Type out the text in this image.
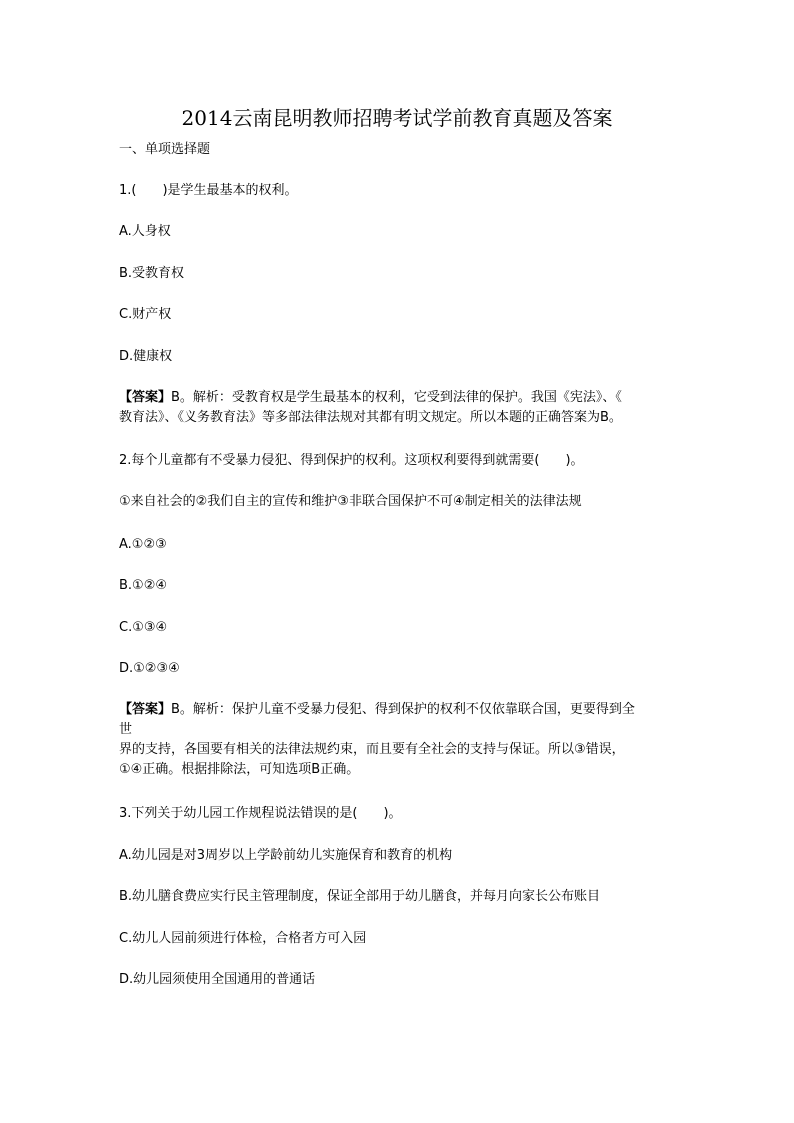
2014云南昆明教师招聘考试学前教育真题及答案
一、单项选择题
1.(　　)是学生最基本的权利。
A.人身权
B.受教育权
C.财产权
D.健康权
【答案】B。解析：受教育权是学生最基本的权利，它受到法律的保护。我国《宪法》、《
教育法》、《义务教育法》等多部法律法规对其都有明文规定。所以本题的正确答案为B。
2.每个儿童都有不受暴力侵犯、得到保护的权利。这项权利要得到就需要(　　)。
①来自社会的②我们自主的宣传和维护③非联合国保护不可④制定相关的法律法规
A.①②③
B.①②④
C.①③④
D.①②③④
【答案】B。解析：保护儿童不受暴力侵犯、得到保护的权利不仅依靠联合国，更要得到全
世
界的支持，各国要有相关的法律法规约束，而且要有全社会的支持与保证。所以③错误，
①④正确。根据排除法，可知选项B正确。
3.下列关于幼儿园工作规程说法错误的是(　　)。
A.幼儿园是对3周岁以上学龄前幼儿实施保育和教育的机构
B.幼儿膳食费应实行民主管理制度，保证全部用于幼儿膳食，并每月向家长公布账目
C.幼儿人园前须进行体检，合格者方可入园
D.幼儿园须使用全国通用的普通话
